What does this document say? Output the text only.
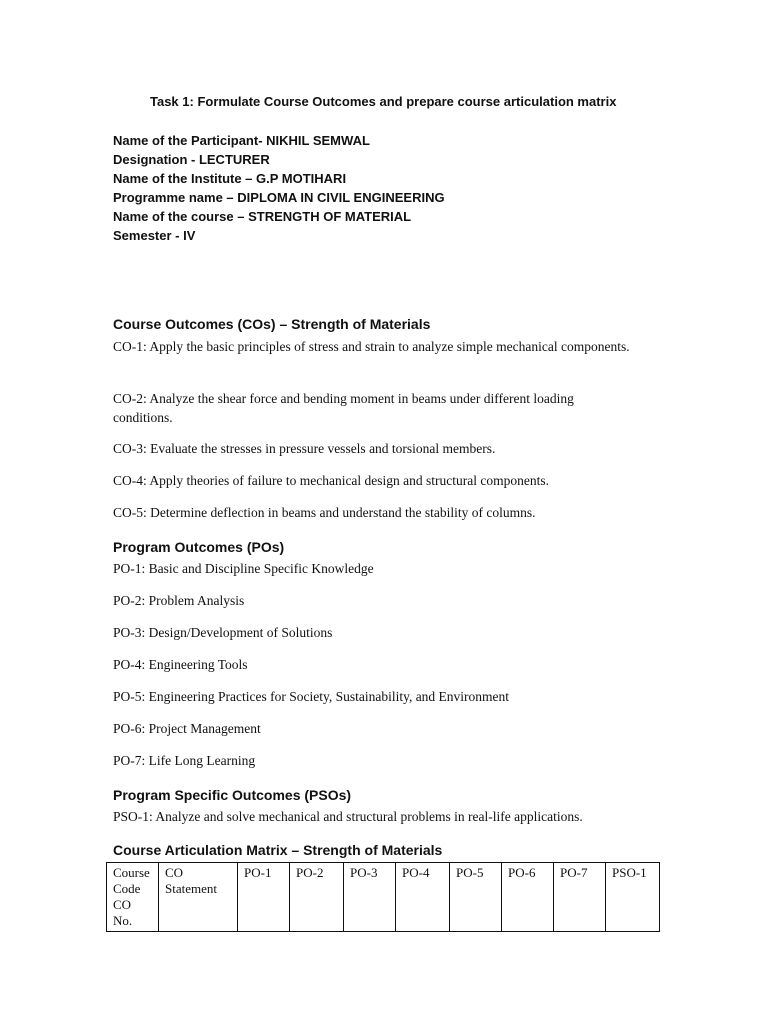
Task 1: Formulate Course Outcomes and prepare course articulation matrix
Name of the Participant- NIKHIL SEMWAL
Designation - LECTURER
Name of the Institute – G.P MOTIHARI
Programme name – DIPLOMA IN CIVIL ENGINEERING
Name of the course – STRENGTH OF MATERIAL
Semester - IV
Course Outcomes (COs) – Strength of Materials
CO-1: Apply the basic principles of stress and strain to analyze simple mechanical components.
CO-2: Analyze the shear force and bending moment in beams under different loading conditions.
CO-3: Evaluate the stresses in pressure vessels and torsional members.
CO-4: Apply theories of failure to mechanical design and structural components.
CO-5: Determine deflection in beams and understand the stability of columns.
Program Outcomes (POs)
PO-1: Basic and Discipline Specific Knowledge
PO-2: Problem Analysis
PO-3: Design/Development of Solutions
PO-4: Engineering Tools
PO-5: Engineering Practices for Society, Sustainability, and Environment
PO-6: Project Management
PO-7: Life Long Learning
Program Specific Outcomes (PSOs)
PSO-1: Analyze and solve mechanical and structural problems in real-life applications.
Course Articulation Matrix – Strength of Materials
Course Code CO No.	CO Statement	PO-1	PO-2	PO-3	PO-4	PO-5	PO-6	PO-7	PSO-1
